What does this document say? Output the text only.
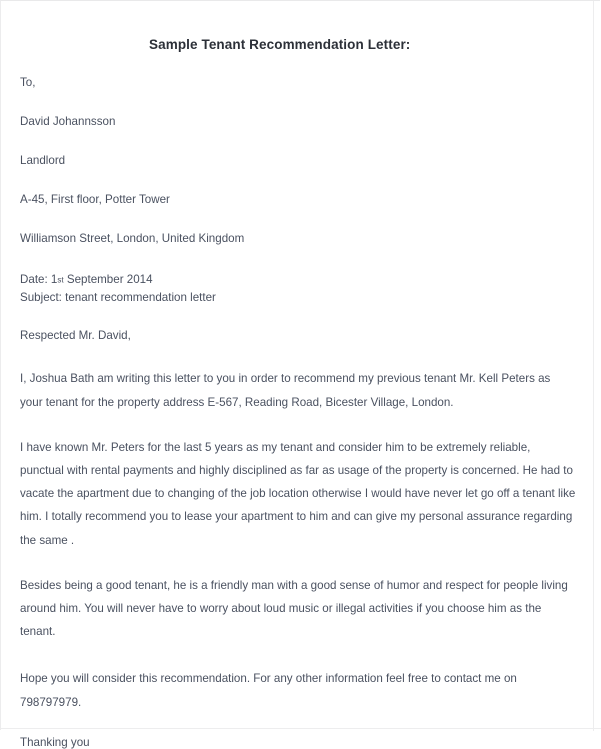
Sample Tenant Recommendation Letter:
To,
David Johannsson
Landlord
A-45, First floor, Potter Tower
Williamson Street, London, United Kingdom
Date: 1st September 2014
Subject: tenant recommendation letter
Respected Mr. David,

I, Joshua Bath am writing this letter to you in order to recommend my previous tenant Mr. Kell Peters as your tenant for the property address E-567, Reading Road, Bicester Village, London.

I have known Mr. Peters for the last 5 years as my tenant and consider him to be extremely reliable, punctual with rental payments and highly disciplined as far as usage of the property is concerned. He had to vacate the apartment due to changing of the job location otherwise I would have never let go off a tenant like him. I totally recommend you to lease your apartment to him and can give my personal assurance regarding the same .

Besides being a good tenant, he is a friendly man with a good sense of humor and respect for people living around him. You will never have to worry about loud music or illegal activities if you choose him as the tenant.

Hope you will consider this recommendation. For any other information feel free to contact me on 798797979.

Thanking you
